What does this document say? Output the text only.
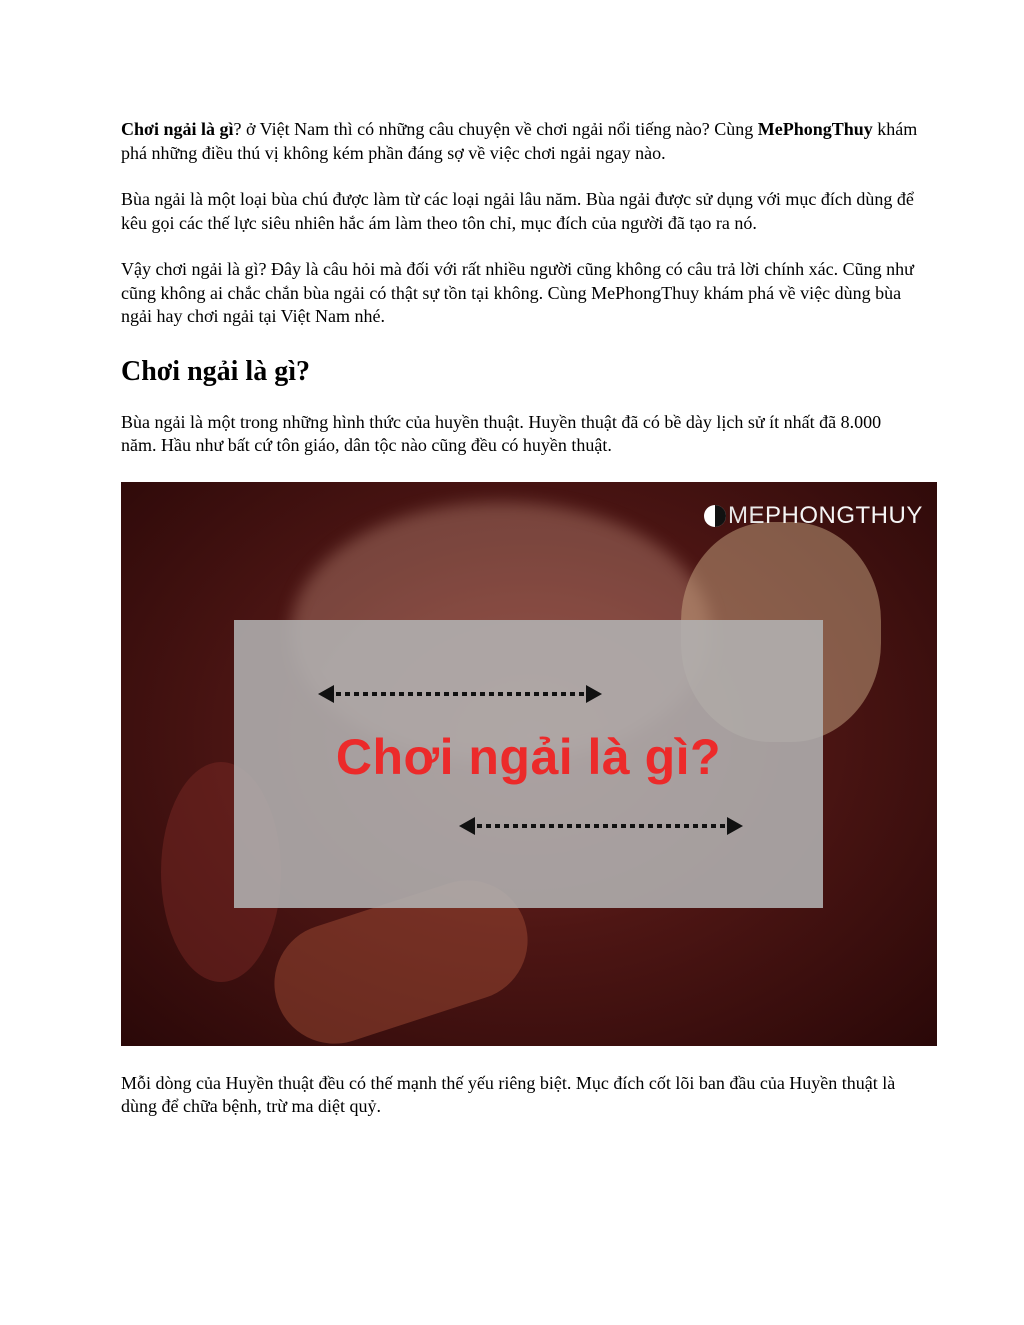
Chơi ngải là gì? ở Việt Nam thì có những câu chuyện về chơi ngải nổi tiếng nào? Cùng MePhongThuy khám phá những điều thú vị không kém phần đáng sợ về việc chơi ngải ngay nào.

Bùa ngải là một loại bùa chú được làm từ các loại ngải lâu năm. Bùa ngải được sử dụng với mục đích dùng để kêu gọi các thế lực siêu nhiên hắc ám làm theo tôn chỉ, mục đích của người đã tạo ra nó.

Vậy chơi ngải là gì? Đây là câu hỏi mà đối với rất nhiều người cũng không có câu trả lời chính xác. Cũng như cũng không ai chắc chắn bùa ngải có thật sự tồn tại không. Cùng MePhongThuy khám phá về việc dùng bùa ngải hay chơi ngải tại Việt Nam nhé.

Chơi ngải là gì?

Bùa ngải là một trong những hình thức của huyền thuật. Huyền thuật đã có bề dày lịch sử ít nhất đã 8.000 năm. Hầu như bất cứ tôn giáo, dân tộc nào cũng đều có huyền thuật.

ME PHONGTHUY
Chơi ngải là gì?

Mỗi dòng của Huyền thuật đều có thế mạnh thế yếu riêng biệt. Mục đích cốt lõi ban đầu của Huyền thuật là dùng để chữa bệnh, trừ ma diệt quỷ.
